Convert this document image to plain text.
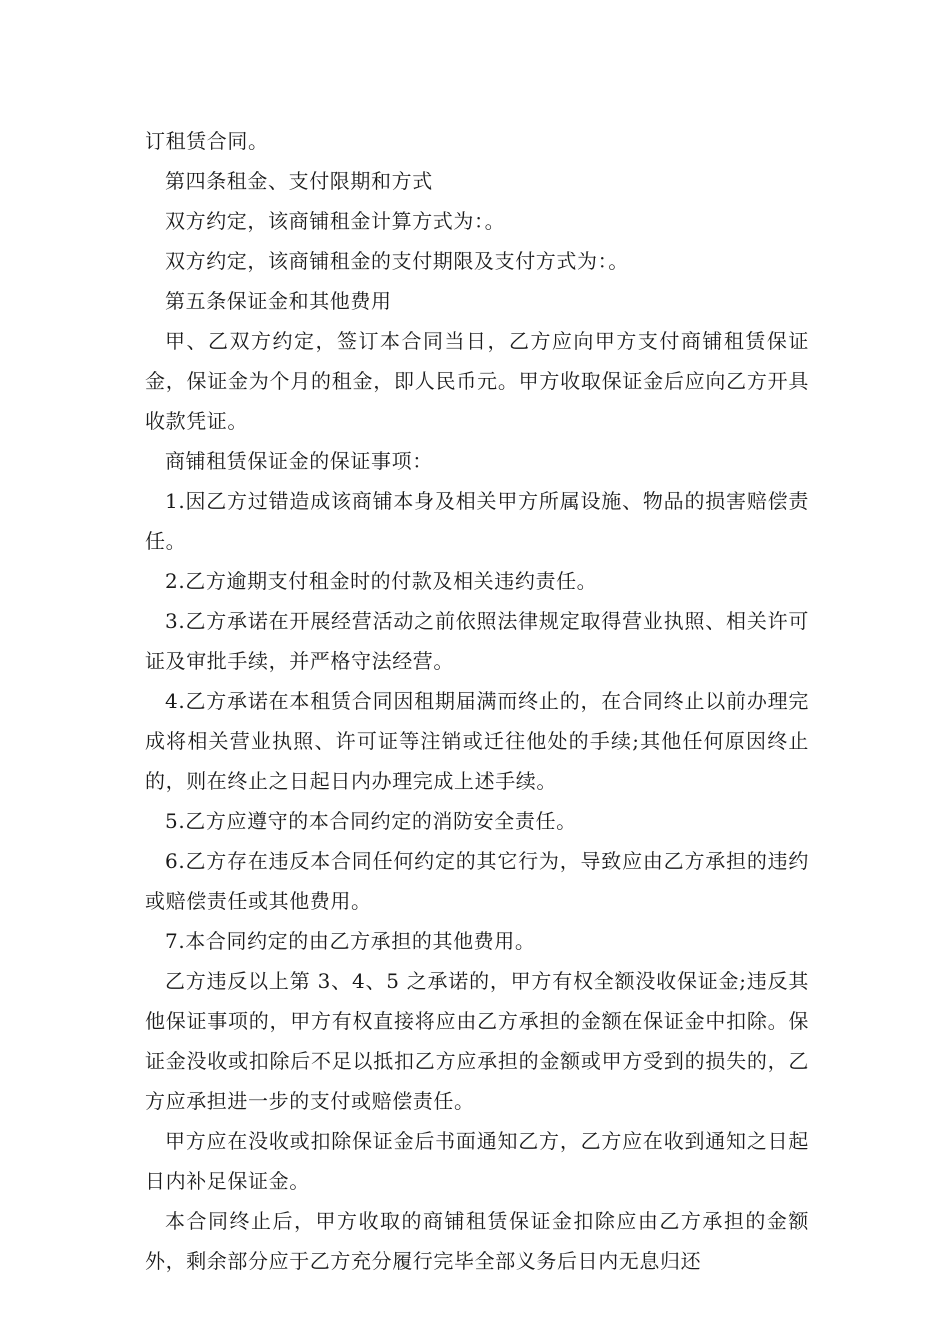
订租赁合同。

第四条租金、支付限期和方式

双方约定，该商铺租金计算方式为：。

双方约定，该商铺租金的支付期限及支付方式为：。

第五条保证金和其他费用

甲、乙双方约定，签订本合同当日，乙方应向甲方支付商铺租赁保证金，保证金为个月的租金，即人民币元。甲方收取保证金后应向乙方开具收款凭证。

商铺租赁保证金的保证事项：

1.因乙方过错造成该商铺本身及相关甲方所属设施、物品的损害赔偿责任。

2.乙方逾期支付租金时的付款及相关违约责任。

3.乙方承诺在开展经营活动之前依照法律规定取得营业执照、相关许可证及审批手续，并严格守法经营。

4.乙方承诺在本租赁合同因租期届满而终止的，在合同终止以前办理完成将相关营业执照、许可证等注销或迁往他处的手续;其他任何原因终止的，则在终止之日起日内办理完成上述手续。

5.乙方应遵守的本合同约定的消防安全责任。

6.乙方存在违反本合同任何约定的其它行为，导致应由乙方承担的违约或赔偿责任或其他费用。

7.本合同约定的由乙方承担的其他费用。

乙方违反以上第 3、4、5 之承诺的，甲方有权全额没收保证金;违反其他保证事项的，甲方有权直接将应由乙方承担的金额在保证金中扣除。保证金没收或扣除后不足以抵扣乙方应承担的金额或甲方受到的损失的，乙方应承担进一步的支付或赔偿责任。

甲方应在没收或扣除保证金后书面通知乙方，乙方应在收到通知之日起日内补足保证金。

本合同终止后，甲方收取的商铺租赁保证金扣除应由乙方承担的金额外，剩余部分应于乙方充分履行完毕全部义务后日内无息归还
